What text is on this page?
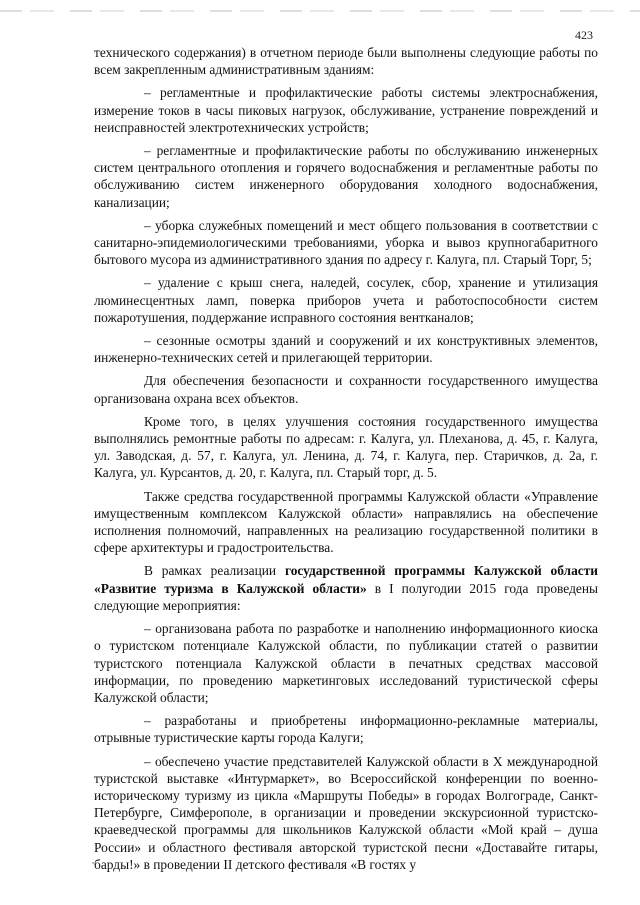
423

технического содержания) в отчетном периоде были выполнены следующие работы по всем закрепленным административным зданиям:

– регламентные и профилактические работы системы электроснабжения, измерение токов в часы пиковых нагрузок, обслуживание, устранение повреждений и неисправностей электротехнических устройств;

– регламентные и профилактические работы по обслуживанию инженерных систем центрального отопления и горячего водоснабжения и регламентные работы по обслуживанию систем инженерного оборудования холодного водоснабжения, канализации;

– уборка служебных помещений и мест общего пользования в соответствии с санитарно-эпидемиологическими требованиями, уборка и вывоз крупногабаритного бытового мусора из административного здания по адресу г. Калуга, пл. Старый Торг, 5;

– удаление с крыш снега, наледей, сосулек, сбор, хранение и утилизация люминесцентных ламп, поверка приборов учета и работоспособности систем пожаротушения, поддержание исправного состояния вентканалов;

– сезонные осмотры зданий и сооружений и их конструктивных элементов, инженерно-технических сетей и прилегающей территории.

Для обеспечения безопасности и сохранности государственного имущества организована охрана всех объектов.

Кроме того, в целях улучшения состояния государственного имущества выполнялись ремонтные работы по адресам: г. Калуга, ул. Плеханова, д. 45, г. Калуга, ул. Заводская, д. 57, г. Калуга, ул. Ленина, д. 74, г. Калуга, пер. Старичков, д. 2а, г. Калуга, ул. Курсантов, д. 20, г. Калуга, пл. Старый торг, д. 5.

Также средства государственной программы Калужской области «Управление имущественным комплексом Калужской области» направлялись на обеспечение исполнения полномочий, направленных на реализацию государственной политики в сфере архитектуры и градостроительства.

В рамках реализации государственной программы Калужской области «Развитие туризма в Калужской области» в I полугодии 2015 года проведены следующие мероприятия:

– организована работа по разработке и наполнению информационного киоска о туристском потенциале Калужской области, по публикации статей о развитии туристского потенциала Калужской области в печатных средствах массовой информации, по проведению маркетинговых исследований туристической сферы Калужской области;

– разработаны и приобретены информационно-рекламные материалы, отрывные туристические карты города Калуги;

– обеспечено участие представителей Калужской области в X международной туристской выставке «Интурмаркет», во Всероссийской конференции по военно-историческому туризму из цикла «Маршруты Победы» в городах Волгограде, Санкт-Петербурге, Симферополе, в организации и проведении экскурсионной туристско-краеведческой программы для школьников Калужской области «Мой край – душа России» и областного фестиваля авторской туристской песни «Доставайте гитары, барды!» в проведении II детского фестиваля «В гостях у
